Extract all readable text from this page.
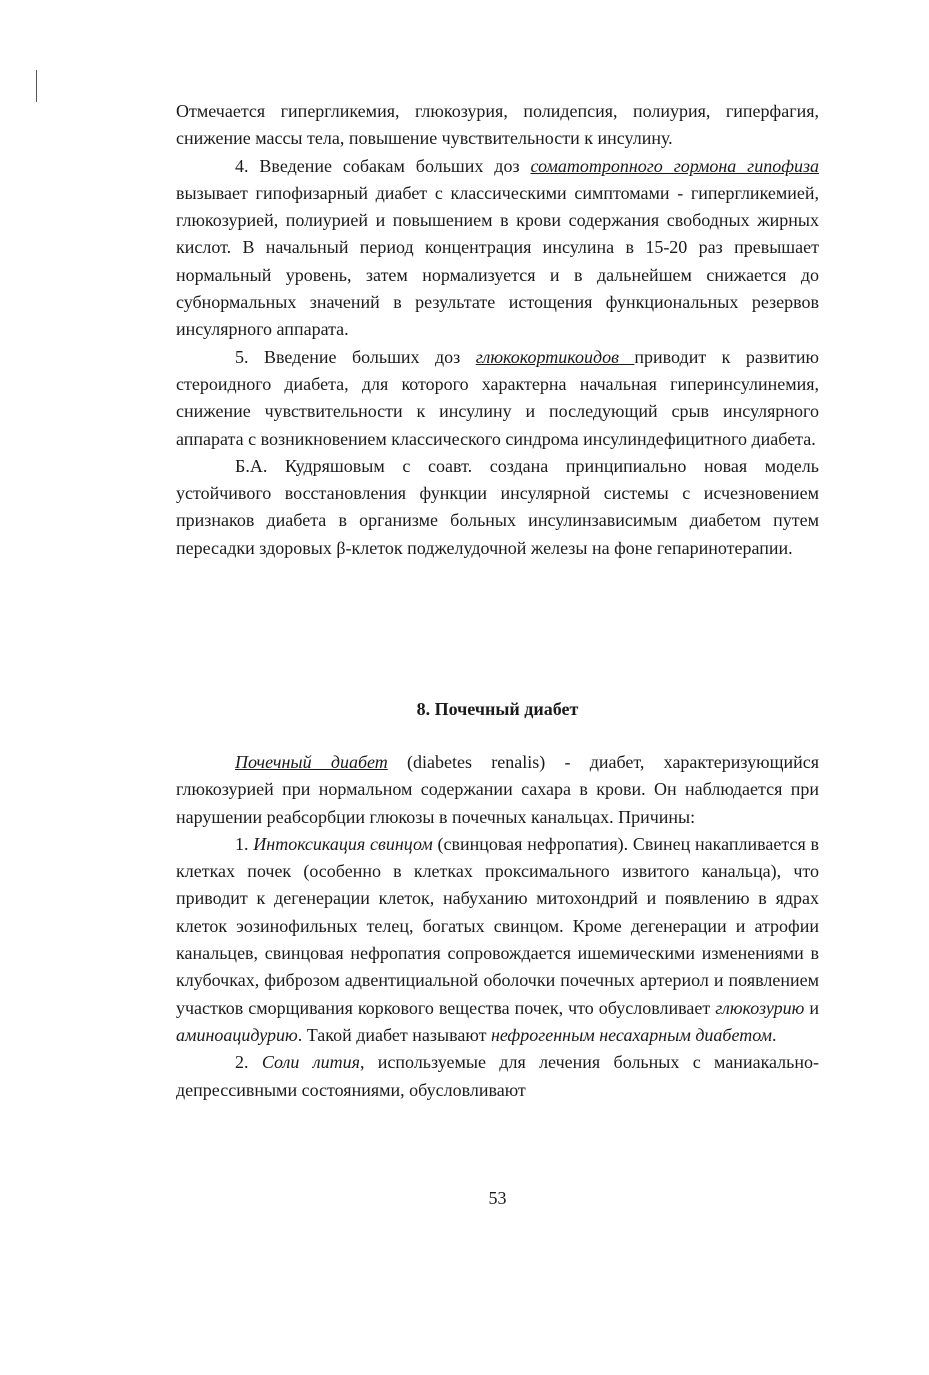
Отмечается гипергликемия, глюкозурия, полидепсия, полиурия, гиперфагия, снижение массы тела, повышение чувствительности к инсулину.

4. Введение собакам больших доз соматотропного гормона гипофиза вызывает гипофизарный диабет с классическими симптомами - гипергликемией, глюкозурией, полиурией и повышением в крови содержания свободных жирных кислот. В начальный период концентрация инсулина в 15-20 раз превышает нормальный уровень, затем нормализуется и в дальнейшем снижается до субнормальных значений в результате истощения функциональных резервов инсулярного аппарата.

5. Введение больших доз глюкокортикоидов приводит к развитию стероидного диабета, для которого характерна начальная гиперинсулинемия, снижение чувствительности к инсулину и последующий срыв инсулярного аппарата с возникновением классического синдрома инсулиндефицитного диабета.

Б.А. Кудряшовым с соавт. создана принципиально новая модель устойчивого восстановления функции инсулярной системы с исчезновением признаков диабета в организме больных инсулинзависимым диабетом путем пересадки здоровых β-клеток поджелудочной железы на фоне гепаринотерапии.

8. Почечный диабет

Почечный диабет (diabetes renalis) - диабет, характеризующийся глюкозурией при нормальном содержании сахара в крови. Он наблюдается при нарушении реабсорбции глюкозы в почечных канальцах. Причины:

1. Интоксикация свинцом (свинцовая нефропатия). Свинец накапливается в клетках почек (особенно в клетках проксимального извитого канальца), что приводит к дегенерации клеток, набуханию митохондрий и появлению в ядрах клеток эозинофильных телец, богатых свинцом. Кроме дегенерации и атрофии канальцев, свинцовая нефропатия сопровождается ишемическими изменениями в клубочках, фиброзом адвентициальной оболочки почечных артериол и появлением участков сморщивания коркового вещества почек, что обусловливает глюкозурию и аминоацидурию. Такой диабет называют нефрогенным несахарным диабетом.

2. Соли лития, используемые для лечения больных с маниакально-депрессивными состояниями, обусловливают

53
